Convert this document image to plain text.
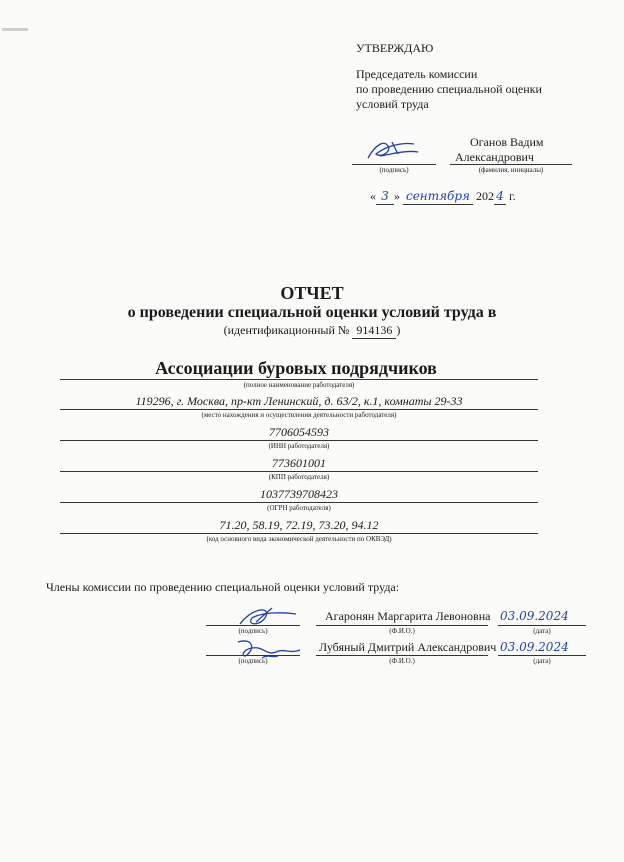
УТВЕРЖДАЮ
Председатель комиссии
по проведению специальной оценки
условий труда
Оганов Вадим
Александрович
(подпись)	(фамилия, инициалы)
« 3 » сентября 202 4 г.
ОТЧЕТ
о проведении специальной оценки условий труда в
(идентификационный № 914136 )
Ассоциации буровых подрядчиков
(полное наименование работодателя)
119296, г. Москва, пр-кт Ленинский, д. 63/2, к.1, комнаты 29-33
(место нахождения и осуществления деятельности работодателя)
7706054593
(ИНН работодателя)
773601001
(КПП работодателя)
1037739708423
(ОГРН работодателя)
71.20, 58.19, 72.19, 73.20, 94.12
(код основного вида экономической деятельности по ОКВЭД)
Члены комиссии по проведению специальной оценки условий труда:
(подпись)
Агаронян Маргарита Левоновна
(Ф.И.О.)
03.09.2024
(дата)
(подпись)
Лубяный Дмитрий Александрович
(Ф.И.О.)
03.09.2024
(дата)
